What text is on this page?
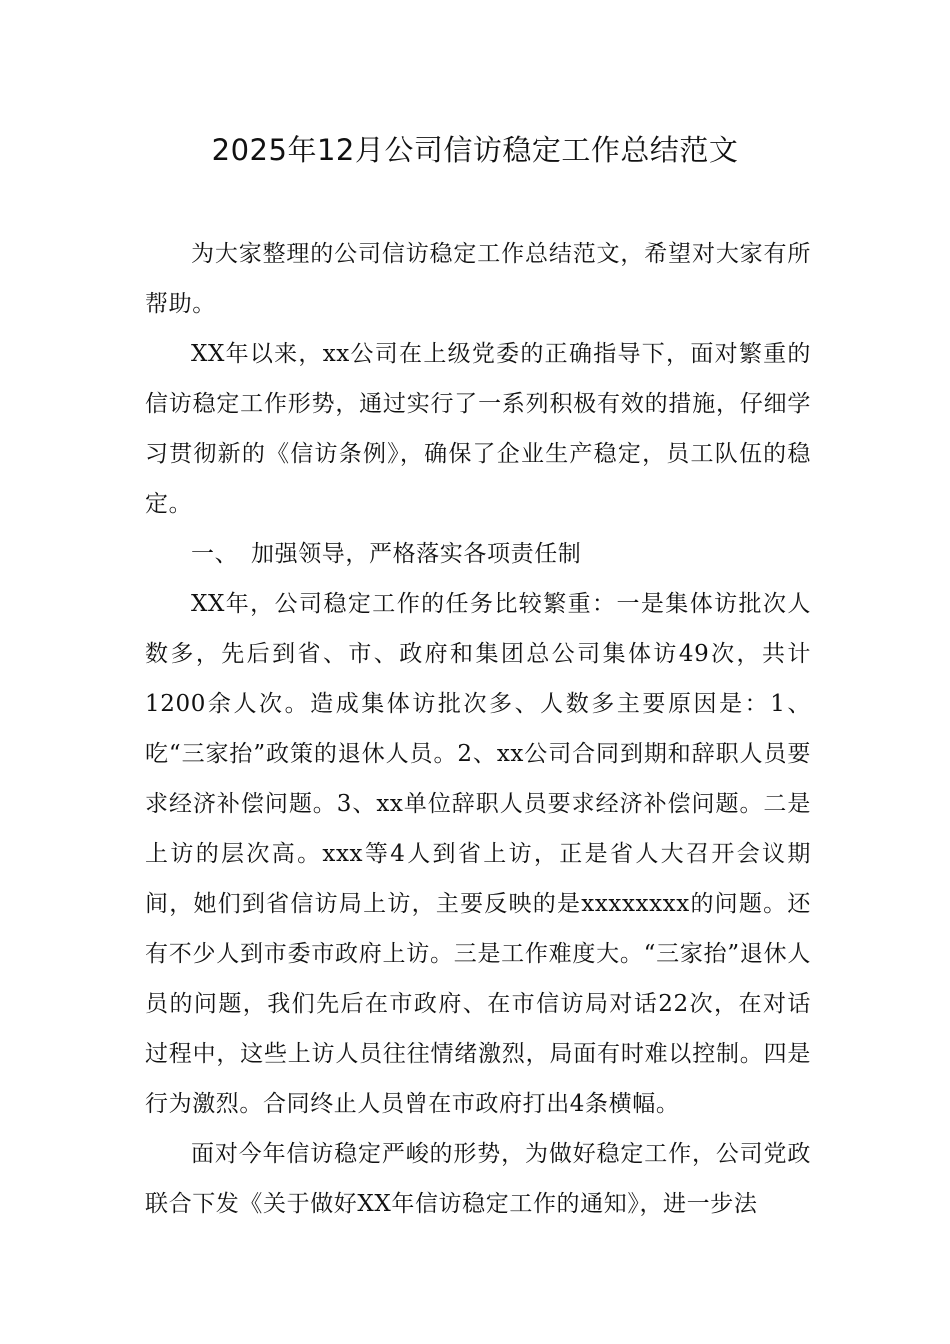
2025年12月公司信访稳定工作总结范文

为大家整理的公司信访稳定工作总结范文，希望对大家有所帮助。

XX年以来，xx公司在上级党委的正确指导下，面对繁重的信访稳定工作形势，通过实行了一系列积极有效的措施，仔细学习贯彻新的《信访条例》，确保了企业生产稳定，员工队伍的稳定。

一、 加强领导，严格落实各项责任制

XX年，公司稳定工作的任务比较繁重：一是集体访批次人数多，先后到省、市、政府和集团总公司集体访49次，共计1200余人次。造成集体访批次多、人数多主要原因是：1、吃“三家抬”政策的退休人员。2、xx公司合同到期和辞职人员要求经济补偿问题。3、xx单位辞职人员要求经济补偿问题。二是上访的层次高。xxx等4人到省上访，正是省人大召开会议期间，她们到省信访局上访，主要反映的是xxxxxxxx的问题。还有不少人到市委市政府上访。三是工作难度大。“三家抬”退休人员的问题，我们先后在市政府、在市信访局对话22次，在对话过程中，这些上访人员往往情绪激烈，局面有时难以控制。四是行为激烈。合同终止人员曾在市政府打出4条横幅。

面对今年信访稳定严峻的形势，为做好稳定工作，公司党政联合下发《关于做好XX年信访稳定工作的通知》，进一步法
